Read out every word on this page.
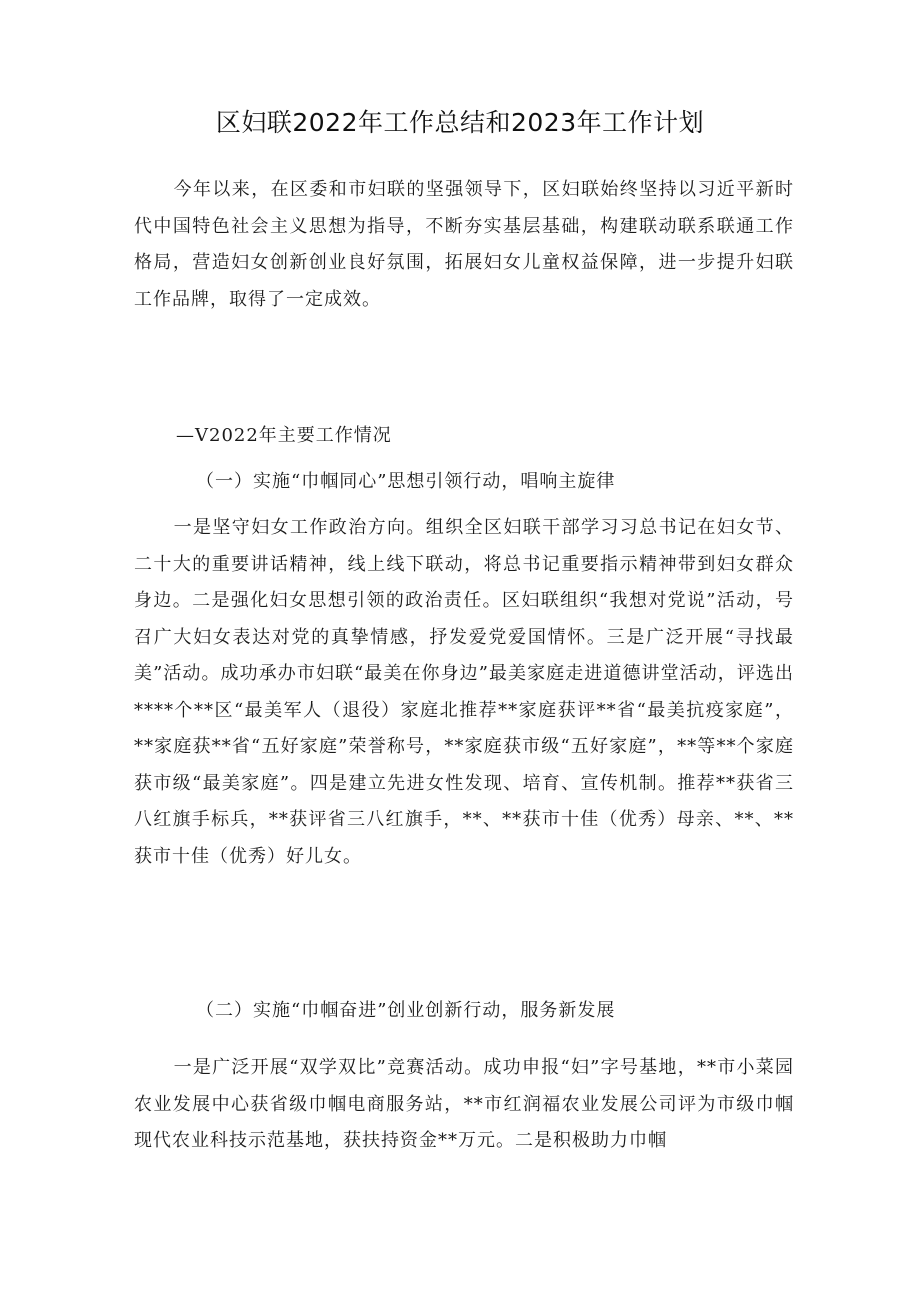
区妇联2022年工作总结和2023年工作计划

今年以来，在区委和市妇联的坚强领导下，区妇联始终坚持以习近平新时代中国特色社会主义思想为指导，不断夯实基层基础，构建联动联系联通工作格局，营造妇女创新创业良好氛围，拓展妇女儿童权益保障，进一步提升妇联工作品牌，取得了一定成效。

—V2022年主要工作情况

（一）实施“巾帼同心”思想引领行动，唱响主旋律

一是坚守妇女工作政治方向。组织全区妇联干部学习习总书记在妇女节、二十大的重要讲话精神，线上线下联动，将总书记重要指示精神带到妇女群众身边。二是强化妇女思想引领的政治责任。区妇联组织“我想对党说”活动，号召广大妇女表达对党的真挚情感，抒发爱党爱国情怀。三是广泛开展“寻找最美”活动。成功承办市妇联“最美在你身边”最美家庭走进道德讲堂活动，评选出****个**区“最美军人（退役）家庭北推荐**家庭获评**省“最美抗疫家庭”，**家庭获**省“五好家庭”荣誉称号，**家庭获市级“五好家庭”，**等**个家庭获市级“最美家庭”。四是建立先进女性发现、培育、宣传机制。推荐**获省三八红旗手标兵，**获评省三八红旗手，**、**获市十佳（优秀）母亲、**、**获市十佳（优秀）好儿女。

（二）实施“巾帼奋进”创业创新行动，服务新发展

一是广泛开展“双学双比”竞赛活动。成功申报“妇”字号基地，**市小菜园农业发展中心获省级巾帼电商服务站，**市红润福农业发展公司评为市级巾帼现代农业科技示范基地，获扶持资金**万元。二是积极助力巾帼
